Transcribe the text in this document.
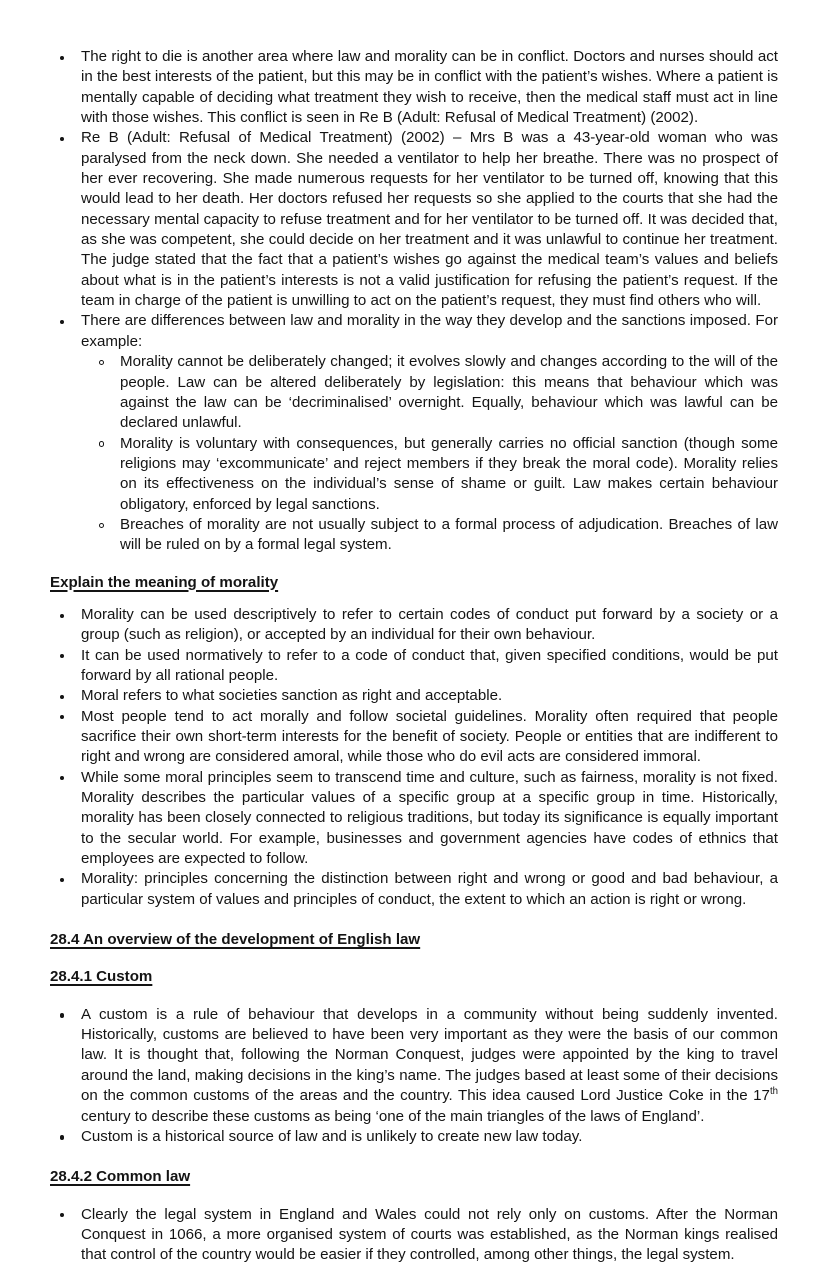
The right to die is another area where law and morality can be in conflict. Doctors and nurses should act in the best interests of the patient, but this may be in conflict with the patient’s wishes. Where a patient is mentally capable of deciding what treatment they wish to receive, then the medical staff must act in line with those wishes. This conflict is seen in Re B (Adult: Refusal of Medical Treatment) (2002).
Re B (Adult: Refusal of Medical Treatment) (2002) – Mrs B was a 43-year-old woman who was paralysed from the neck down. She needed a ventilator to help her breathe. There was no prospect of her ever recovering. She made numerous requests for her ventilator to be turned off, knowing that this would lead to her death. Her doctors refused her requests so she applied to the courts that she had the necessary mental capacity to refuse treatment and for her ventilator to be turned off. It was decided that, as she was competent, she could decide on her treatment and it was unlawful to continue her treatment. The judge stated that the fact that a patient’s wishes go against the medical team’s values and beliefs about what is in the patient’s interests is not a valid justification for refusing the patient’s request. If the team in charge of the patient is unwilling to act on the patient’s request, they must find others who will.
There are differences between law and morality in the way they develop and the sanctions imposed. For example:
Morality cannot be deliberately changed; it evolves slowly and changes according to the will of the people. Law can be altered deliberately by legislation: this means that behaviour which was against the law can be ‘decriminalised’ overnight. Equally, behaviour which was lawful can be declared unlawful.
Morality is voluntary with consequences, but generally carries no official sanction (though some religions may ‘excommunicate’ and reject members if they break the moral code). Morality relies on its effectiveness on the individual’s sense of shame or guilt. Law makes certain behaviour obligatory, enforced by legal sanctions.
Breaches of morality are not usually subject to a formal process of adjudication. Breaches of law will be ruled on by a formal legal system.
Explain the meaning of morality
Morality can be used descriptively to refer to certain codes of conduct put forward by a society or a group (such as religion), or accepted by an individual for their own behaviour.
It can be used normatively to refer to a code of conduct that, given specified conditions, would be put forward by all rational people.
Moral refers to what societies sanction as right and acceptable.
Most people tend to act morally and follow societal guidelines. Morality often required that people sacrifice their own short-term interests for the benefit of society. People or entities that are indifferent to right and wrong are considered amoral, while those who do evil acts are considered immoral.
While some moral principles seem to transcend time and culture, such as fairness, morality is not fixed. Morality describes the particular values of a specific group at a specific group in time. Historically, morality has been closely connected to religious traditions, but today its significance is equally important to the secular world. For example, businesses and government agencies have codes of ethnics that employees are expected to follow.
Morality: principles concerning the distinction between right and wrong or good and bad behaviour, a particular system of values and principles of conduct, the extent to which an action is right or wrong.
28.4 An overview of the development of English law
28.4.1 Custom
A custom is a rule of behaviour that develops in a community without being suddenly invented. Historically, customs are believed to have been very important as they were the basis of our common law. It is thought that, following the Norman Conquest, judges were appointed by the king to travel around the land, making decisions in the king’s name. The judges based at least some of their decisions on the common customs of the areas and the country. This idea caused Lord Justice Coke in the 17th century to describe these customs as being ‘one of the main triangles of the laws of England’.
Custom is a historical source of law and is unlikely to create new law today.
28.4.2 Common law
Clearly the legal system in England and Wales could not rely only on customs. After the Norman Conquest in 1066, a more organised system of courts was established, as the Norman kings realised that control of the country would be easier if they controlled, among other things, the legal system.
